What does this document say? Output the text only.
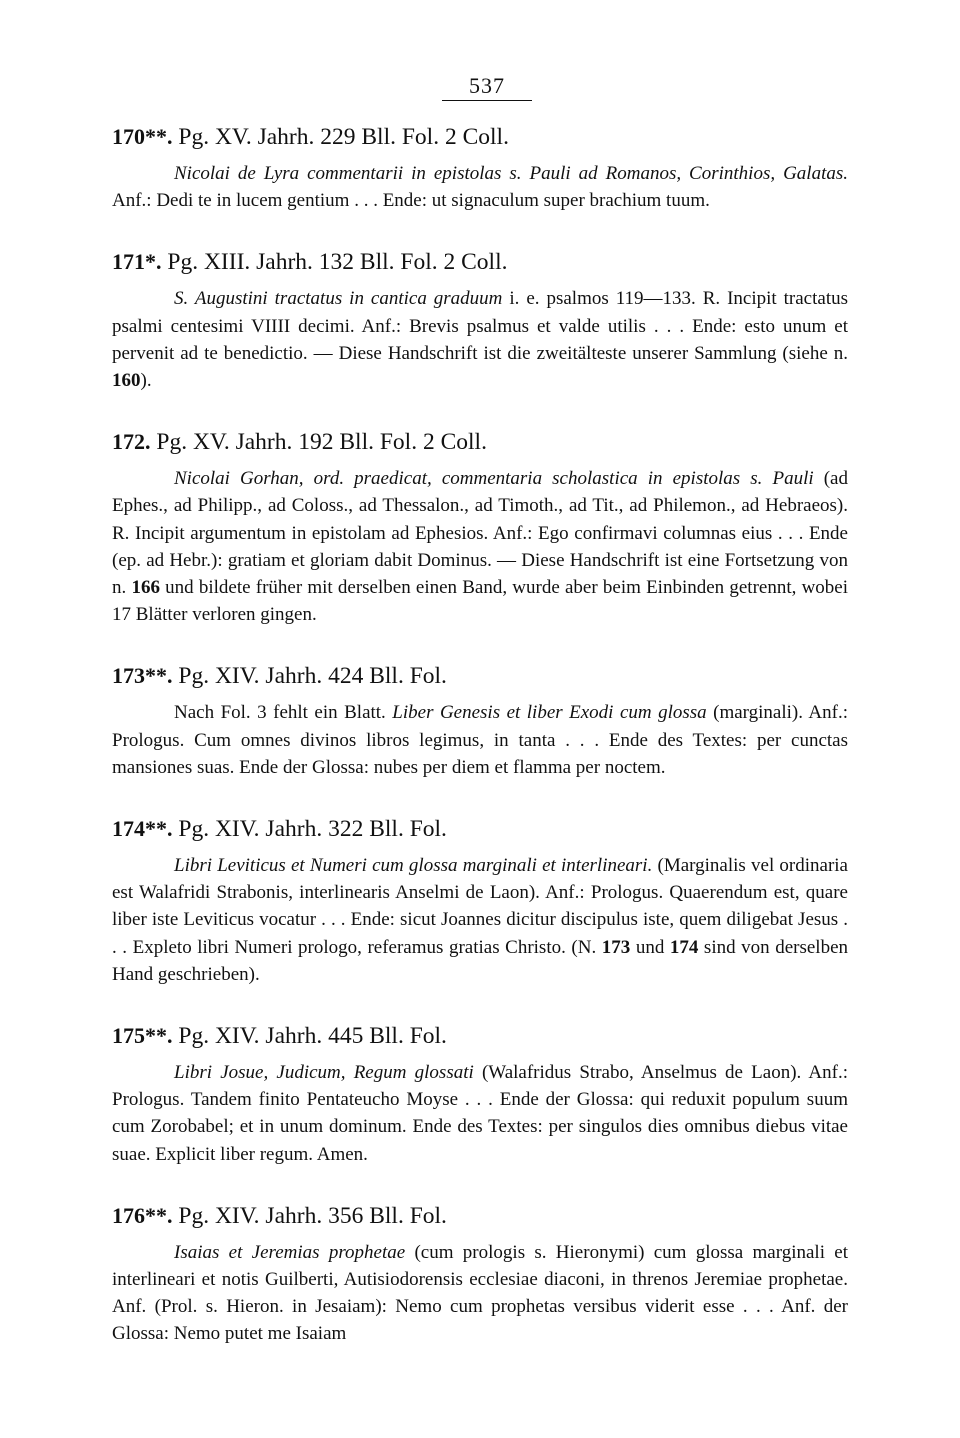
537
170**. Pg. XV. Jahrh. 229 Bll. Fol. 2 Coll.

Nicolai de Lyra commentarii in epistolas s. Pauli ad Romanos, Corinthios, Galatas. Anf.: Dedi te in lucem gentium . . . Ende: ut signaculum super brachium tuum.

171*. Pg. XIII. Jahrh. 132 Bll. Fol. 2 Coll.

S. Augustini tractatus in cantica graduum i. e. psalmos 119—133. R. Incipit tractatus psalmi centesimi VIIII decimi. Anf.: Brevis psalmus et valde utilis . . . Ende: esto unum et pervenit ad te benedictio. — Diese Handschrift ist die zweitälteste unserer Sammlung (siehe n. 160).

172. Pg. XV. Jahrh. 192 Bll. Fol. 2 Coll.

Nicolai Gorhan, ord. praedicat, commentaria scholastica in epistolas s. Pauli (ad Ephes., ad Philipp., ad Coloss., ad Thessalon., ad Timoth., ad Tit., ad Philemon., ad Hebraeos). R. Incipit argumentum in epistolam ad Ephesios. Anf.: Ego confirmavi columnas eius . . . Ende (ep. ad Hebr.): gratiam et gloriam dabit Dominus. — Diese Handschrift ist eine Fortsetzung von n. 166 und bildete früher mit derselben einen Band, wurde aber beim Einbinden getrennt, wobei 17 Blätter verloren gingen.

173**. Pg. XIV. Jahrh. 424 Bll. Fol.

Nach Fol. 3 fehlt ein Blatt. Liber Genesis et liber Exodi cum glossa (marginali). Anf.: Prologus. Cum omnes divinos libros legimus, in tanta . . . Ende des Textes: per cunctas mansiones suas. Ende der Glossa: nubes per diem et flamma per noctem.

174**. Pg. XIV. Jahrh. 322 Bll. Fol.

Libri Leviticus et Numeri cum glossa marginali et interlineari. (Marginalis vel ordinaria est Walafridi Strabonis, interlinearis Anselmi de Laon). Anf.: Prologus. Quaerendum est, quare liber iste Leviticus vocatur . . . Ende: sicut Joannes dicitur discipulus iste, quem diligebat Jesus . . . Expleto libri Numeri prologo, referamus gratias Christo. (N. 173 und 174 sind von derselben Hand geschrieben).

175**. Pg. XIV. Jahrh. 445 Bll. Fol.

Libri Josue, Judicum, Regum glossati (Walafridus Strabo, Anselmus de Laon). Anf.: Prologus. Tandem finito Pentateucho Moyse . . . Ende der Glossa: qui reduxit populum suum cum Zorobabel; et in unum dominum. Ende des Textes: per singulos dies omnibus diebus vitae suae. Explicit liber regum. Amen.

176**. Pg. XIV. Jahrh. 356 Bll. Fol.

Isaias et Jeremias prophetae (cum prologis s. Hieronymi) cum glossa marginali et interlineari et notis Guilberti, Autisiodorensis ecclesiae diaconi, in threnos Jeremiae prophetae. Anf. (Prol. s. Hieron. in Jesaiam): Nemo cum prophetas versibus viderit esse . . . Anf. der Glossa: Nemo putet me Isaiam
